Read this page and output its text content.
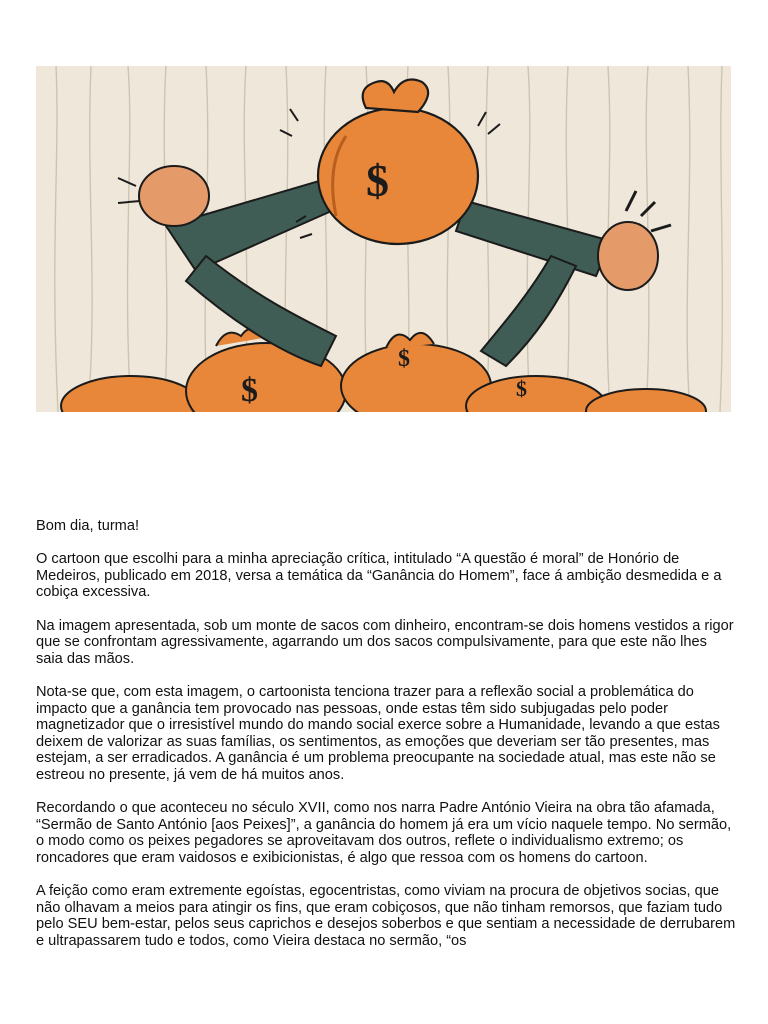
$
$
$
$

Bom dia, turma!

O cartoon que escolhi para a minha apreciação crítica, intitulado “A questão é moral” de Honório de Medeiros, publicado em 2018, versa a temática da “Ganância do Homem”, face á ambição desmedida e a cobiça excessiva.

Na imagem apresentada, sob um monte de sacos com dinheiro, encontram-se dois homens vestidos a rigor que se confrontam agressivamente, agarrando um dos sacos compulsivamente, para que este não lhes saia das mãos.

Nota-se que, com esta imagem, o cartoonista tenciona trazer para a reflexão social a problemática do impacto que a ganância tem provocado nas pessoas, onde estas têm sido subjugadas pelo poder magnetizador que o irresistível mundo do mando social exerce sobre a Humanidade, levando a que estas deixem de valorizar as suas famílias, os sentimentos, as emoções que deveriam ser tão presentes, mas estejam, a ser erradicados. A ganância é um problema preocupante na sociedade atual, mas este não se estreou no presente, já vem de há muitos anos.

Recordando o que aconteceu no século XVII, como nos narra Padre António Vieira na obra tão afamada, “Sermão de Santo António [aos Peixes]”, a ganância do homem já era um vício naquele tempo. No sermão, o modo como os peixes pegadores se aproveitavam dos outros, reflete o individualismo extremo; os roncadores que eram vaidosos e exibicionistas, é algo que ressoa com os homens do cartoon.

A feição como eram extremente egoístas, egocentristas, como viviam na procura de objetivos socias, que não olhavam a meios para atingir os fins, que eram cobiçosos, que não tinham remorsos, que faziam tudo pelo SEU bem-estar, pelos seus caprichos e desejos soberbos e que sentiam a necessidade de derrubarem e ultrapassarem tudo e todos, como Vieira destaca no sermão, “os
